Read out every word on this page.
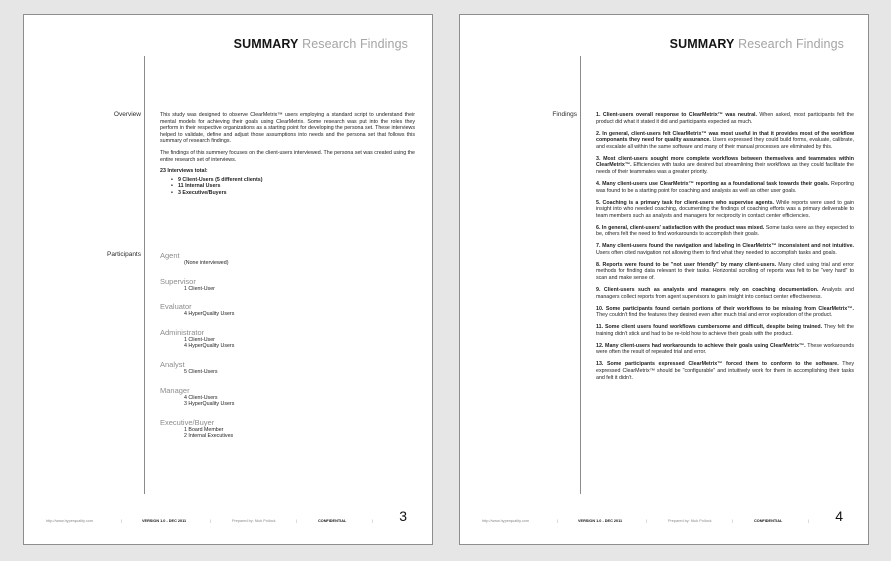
SUMMARY Research Findings
Overview	This study was designed to observe ClearMetrix™ users employing a standard script to understand their mental models for achieving their goals using ClearMetrix. Some research was put into the roles they perform in their respective organizations as a starting point for developing the persona set. These interviews helped to validate, define and adjust those assumptions into needs and the persona set that follows this summary of research findings.

The findings of this summery focuses on the client-users interviewed. The persona set was created using the entire research set of interviews.

23 Interviews total:

• 9 Client-Users (5 different clients)
• 11 Internal Users
• 3 Executive/Buyers
Participants	Agent
(None interviewed)
Supervisor
1 Client-User
Evaluator
4 HyperQuality Users
Administrator
1 Client-User
4 HyperQuality Users
Analyst
5 Client-Users
Manager
4 Client-Users
3 HyperQuality Users
Executive/Buyer
1 Board Member
2 Internal Executives
http://www.hyperquality.com	|	VERSION 1.0 - DEC 2011	|	Prepared by: Nick Pollock	|	CONFIDENTIAL	| 3
SUMMARY Research Findings
Findings	1. Client-users overall response to ClearMetrix™ was neutral. When asked, most participants felt the product did what it stated it did and participants expected as much.

2. In general, client-users felt ClearMetrix™ was most useful in that it provides most of the workflow componants they need for quality assurance. Users expressed they could build forms, evaluate, calibrate, and escalate all within the same software and many of their manual processes are eliminated by this.

3. Most client-users sought more complete workflows between themselves and teammates within ClearMetrix™. Efficiencies with tasks are desired but streamlining their workflows as they could facilitate the needs of their teammates was a greater priority.

4. Many client-users use ClearMetrix™ reporting as a foundational task towards their goals. Reporting was found to be a starting point for coaching and analysis as well as other user goals.

5. Coaching is a primary task for client-users who supervise agents. While reports were used to gain insight into who needed coaching, documenting the findings of coaching efforts was a primary deliverable to team members such as analysts and managers for reciprocity in contact center efficiencies.

6. In general, client-users' satisfaction with the product was mixed. Some tasks were as they expected to be, others felt the need to find workarounds to accomplish their goals.

7. Many client-users found the navigation and labeling in ClearMetrix™ inconsistent and not intuitive. Users often cited navigation not allowing them to find what they needed to accomplish tasks and goals.

8. Reports were found to be "not user friendly" by many client-users. Many cited using trial and error methods for finding data relevant to their tasks. Horizontal scrolling of reports was felt to be "very hard" to scan and make sense of.

9. Client-users such as analysts and managers rely on coaching documentation. Analysts and managers collect reports from agent supervisors to gain insight into contact center effectiveness.

10. Some participants found certain portions of their workflows to be missing from ClearMetrix™. They couldn't find the features they desired even after much trial and error exploration of the product.

11. Some client users found workflows cumbersome and difficult, despite being trained. They felt the training didn't stick and had to be re-told how to achieve their goals with the product.

12. Many client-users had workarounds to achieve their goals using ClearMetrix™. These workarounds were often the result of repeated trial and error.

13. Some participants expressed ClearMetrix™ forced them to conform to the software. They expressed ClearMetrix™ should be "configurable" and intuitively work for them in accomplishing their tasks and felt it didn't.

http://www.hyperquality.com	|	VERSION 1.0 - DEC 2011	|	Prepared by: Nick Pollock	|	CONFIDENTIAL	| 4
